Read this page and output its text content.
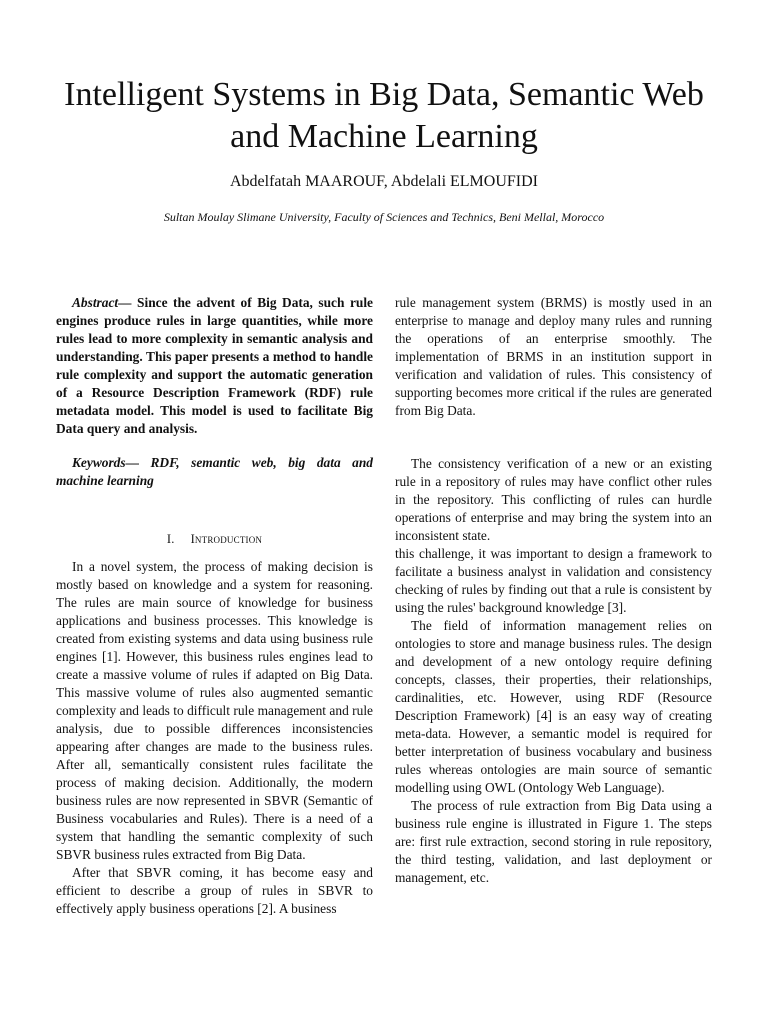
Intelligent Systems in Big Data, Semantic Web and Machine Learning
Abdelfatah MAAROUF, Abdelali ELMOUFIDI
Sultan Moulay Slimane University, Faculty of Sciences and Technics, Beni Mellal, Morocco

Abstract— Since the advent of Big Data, such rule engines produce rules in large quantities, while more rules lead to more complexity in semantic analysis and understanding. This paper presents a method to handle rule complexity and support the automatic generation of a Resource Description Framework (RDF) rule metadata model. This model is used to facilitate Big Data query and analysis.

Keywords— RDF, semantic web, big data and machine learning

I. Introduction

In a novel system, the process of making decision is mostly based on knowledge and a system for reasoning. The rules are main source of knowledge for business applications and business processes. This knowledge is created from existing systems and data using business rule engines [1]. However, this business rules engines lead to create a massive volume of rules if adapted on Big Data. This massive volume of rules also augmented semantic complexity and leads to difficult rule management and rule analysis, due to possible differences inconsistencies appearing after changes are made to the business rules. After all, semantically consistent rules facilitate the process of making decision. Additionally, the modern business rules are now represented in SBVR (Semantic of Business vocabularies and Rules). There is a need of a system that handling the semantic complexity of such SBVR business rules extracted from Big Data.

After that SBVR coming, it has become easy and efficient to describe a group of rules in SBVR to effectively apply business operations [2]. A business

rule management system (BRMS) is mostly used in an enterprise to manage and deploy many rules and running the operations of an enterprise smoothly. The implementation of BRMS in an institution support in verification and validation of rules. This consistency of supporting becomes more critical if the rules are generated from Big Data.

The consistency verification of a new or an existing rule in a repository of rules may have conflict other rules in the repository. This conflicting of rules can hurdle operations of enterprise and may bring the system into an inconsistent state.

this challenge, it was important to design a framework to facilitate a business analyst in validation and consistency checking of rules by finding out that a rule is consistent by using the rules' background knowledge [3].

The field of information management relies on ontologies to store and manage business rules. The design and development of a new ontology require defining concepts, classes, their properties, their relationships, cardinalities, etc. However, using RDF (Resource Description Framework) [4] is an easy way of creating meta-data. However, a semantic model is required for better interpretation of business vocabulary and business rules whereas ontologies are main source of semantic modelling using OWL (Ontology Web Language).

The process of rule extraction from Big Data using a business rule engine is illustrated in Figure 1. The steps are: first rule extraction, second storing in rule repository, the third testing, validation, and last deployment or management, etc.
